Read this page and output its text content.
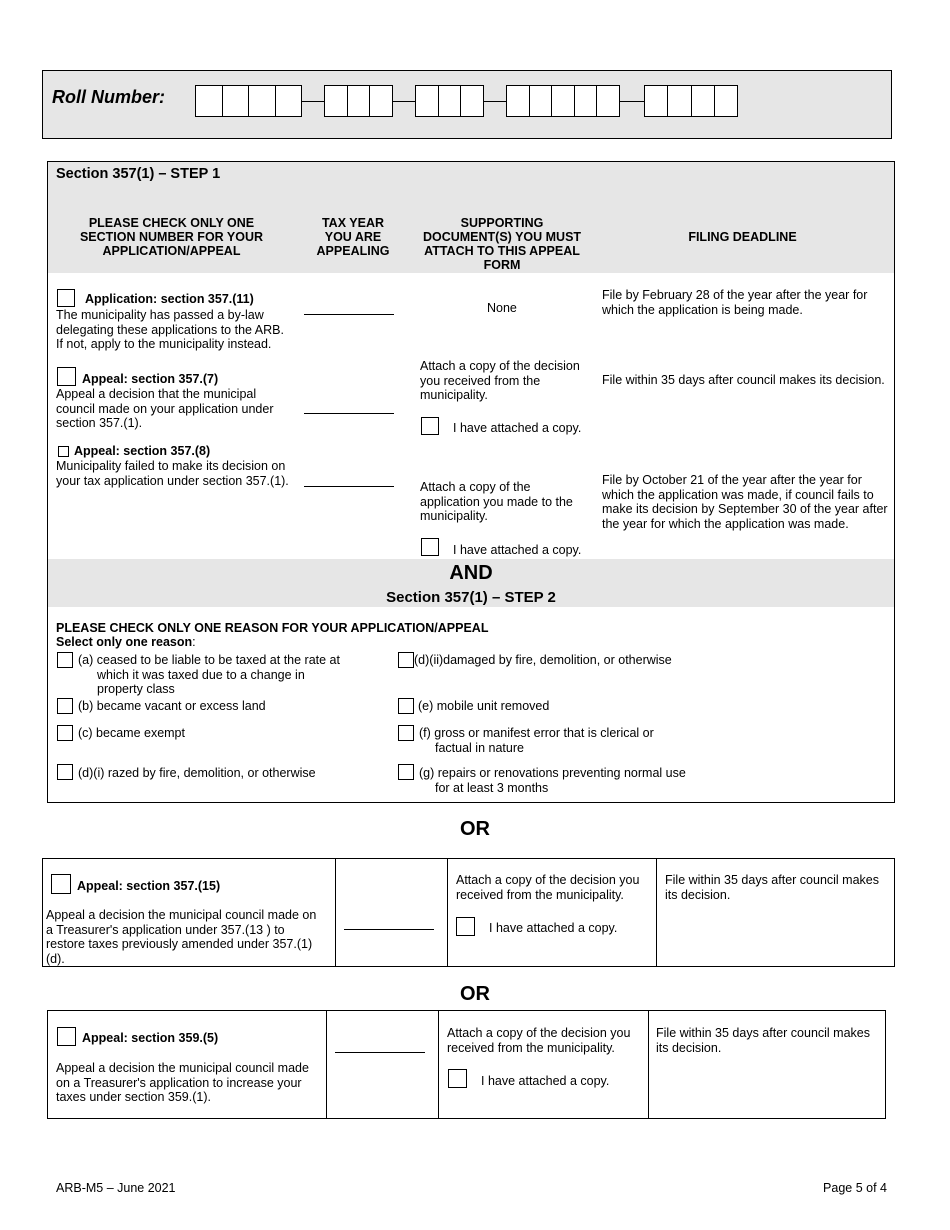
Roll Number:
Section 357(1) – STEP 1
PLEASE CHECK ONLY ONE SECTION NUMBER FOR YOUR APPLICATION/APPEAL
TAX YEAR YOU ARE APPEALING
SUPPORTING DOCUMENT(S) YOU MUST ATTACH TO THIS APPEAL FORM
FILING DEADLINE
Application: section 357.(11)
The municipality has passed a by-law delegating these applications to the ARB. If not, apply to the municipality instead.
None
File by February 28 of the year after the year for which the application is being made.
Appeal: section 357.(7)
Appeal a decision that the municipal council made on your application under section 357.(1).
Attach a copy of the decision you received from the municipality.
I have attached a copy.
File within 35 days after council makes its decision.
Appeal: section 357.(8)
Municipality failed to make its decision on your tax application under section 357.(1).	Attach a copy of the application you made to the municipality.
I have attached a copy.
File by October 21 of the year after the year for which the application was made, if council fails to make its decision by September 30 of the year after the year for which the application was made.
AND
Section 357(1) – STEP 2
PLEASE CHECK ONLY ONE REASON FOR YOUR APPLICATION/APPEAL
Select only one reason:
(a) ceased to be liable to be taxed at the rate at which it was taxed due to a change in property class
(b) became vacant or excess land
(c) became exempt
(d)(i) razed by fire, demolition, or otherwise
(d)(ii)damaged by fire, demolition, or otherwise
(e) mobile unit removed
(f) gross or manifest error that is clerical or factual in nature
(g) repairs or renovations preventing normal use for at least 3 months
OR
Appeal: section 357.(15)
Appeal a decision the municipal council made on a Treasurer's application under 357.(13 ) to restore taxes previously amended under 357.(1)(d).
Attach a copy of the decision you received from the municipality.
I have attached a copy.
File within 35 days after council makes its decision.
OR
Appeal: section 359.(5)
Appeal a decision the municipal council made on a Treasurer's application to increase your taxes under section 359.(1).
Attach a copy of the decision you received from the municipality.
I have attached a copy.
File within 35 days after council makes its decision.
ARB-M5 – June 2021	Page 5 of 4
